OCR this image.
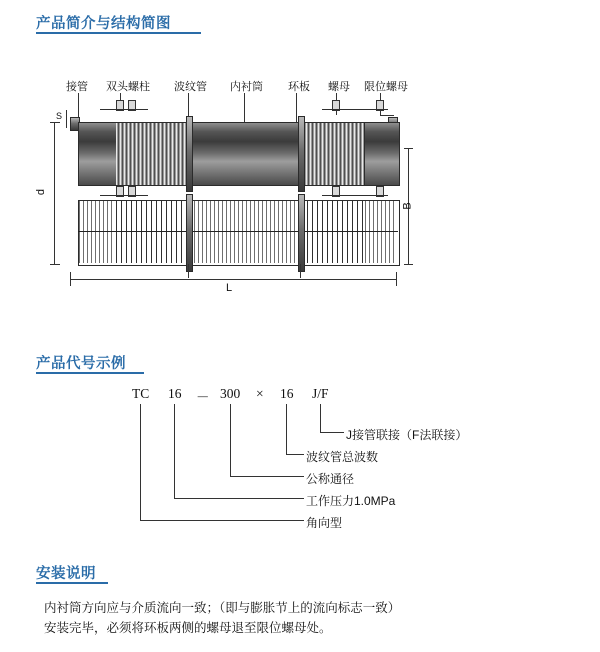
产品简介与结构简图
接管 双头螺柱 波纹管 内衬筒 环板 螺母 限位螺母
S
d
B
L
产品代号示例
TC 16 － 300 × 16 J/F
J接管联接（F法联接）
波纹管总波数
公称通径
工作压力1.0MPa
角向型
安装说明
内衬筒方向应与介质流向一致；（即与膨胀节上的流向标志一致）
安装完毕，必须将环板两侧的螺母退至限位螺母处。
